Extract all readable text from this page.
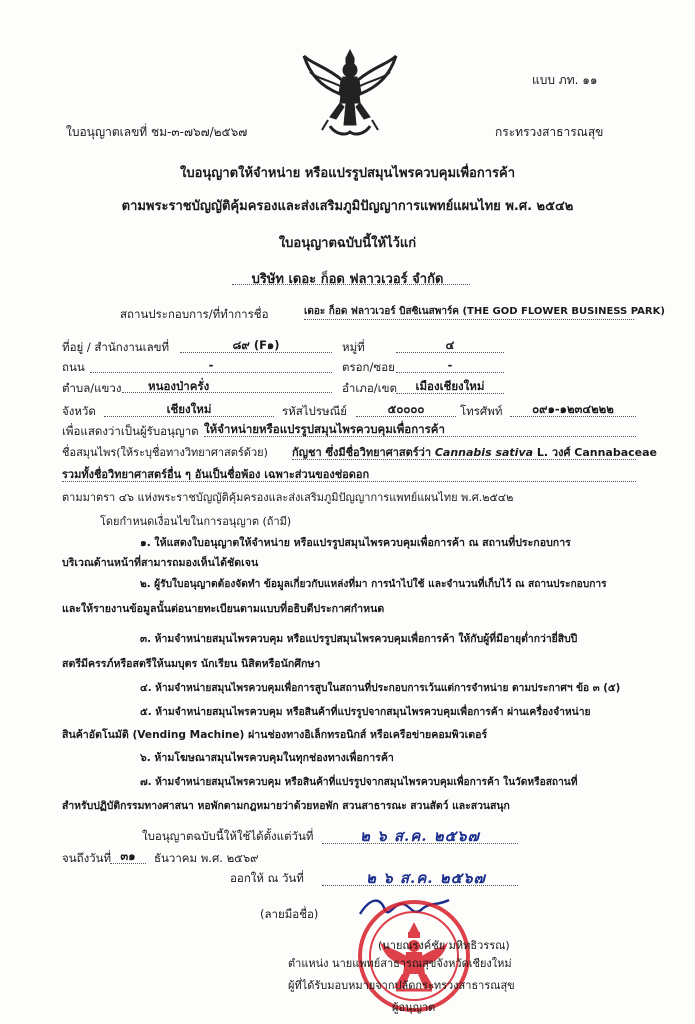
แบบ ภท. ๑๑
ใบอนุญาตเลขที่ ชม-๓-๗๖๗/๒๕๖๗	กระทรวงสาธารณสุข
ใบอนุญาตให้จำหน่าย หรือแปรรูปสมุนไพรควบคุมเพื่อการค้า
ตามพระราชบัญญัติคุ้มครองและส่งเสริมภูมิปัญญาการแพทย์แผนไทย พ.ศ. ๒๕๔๒
ใบอนุญาตฉบับนี้ให้ไว้แก่
บริษัท เดอะ ก็อด ฟลาวเวอร์ จำกัด
สถานประกอบการ/ที่ทำการชื่อ	เดอะ ก็อด ฟลาวเวอร์ บิสซิเนสพาร์ค (THE GOD FLOWER BUSINESS PARK)
ที่อยู่ / สำนักงานเลขที่	๘๙ (F๑)	หมู่ที่	๔
ถนน	-	ตรอก/ซอย	-
ตำบล/แขวง	หนองป่าครั่ง	อำเภอ/เขต	เมืองเชียงใหม่
จังหวัด	เชียงใหม่	รหัสไปรษณีย์	๕๐๐๐๐	โทรศัพท์	๐๙๑-๑๒๓๔๒๒๒
เพื่อแสดงว่าเป็นผู้รับอนุญาต ให้จำหน่ายหรือแปรรูปสมุนไพรควบคุมเพื่อการค้า
ชื่อสมุนไพร(ให้ระบุชื่อทางวิทยาศาสตร์ด้วย) กัญชา ซึ่งมีชื่อวิทยาศาสตร์ว่า Cannabis sativa L. วงศ์ Cannabaceae
รวมทั้งชื่อวิทยาศาสตร์อื่น ๆ อันเป็นชื่อพ้อง เฉพาะส่วนของช่อดอก
ตามมาตรา ๔๖ แห่งพระราชบัญญัติคุ้มครองและส่งเสริมภูมิปัญญาการแพทย์แผนไทย พ.ศ.๒๕๔๒
โดยกำหนดเงื่อนไขในการอนุญาต (ถ้ามี)
๑. ให้แสดงใบอนุญาตให้จำหน่าย หรือแปรรูปสมุนไพรควบคุมเพื่อการค้า ณ สถานที่ประกอบการ
บริเวณด้านหน้าที่สามารถมองเห็นได้ชัดเจน
๒. ผู้รับใบอนุญาตต้องจัดทำ ข้อมูลเกี่ยวกับแหล่งที่มา การนำไปใช้ และจำนวนที่เก็บไว้ ณ สถานประกอบการ
และให้รายงานข้อมูลนั้นต่อนายทะเบียนตามแบบที่อธิบดีประกาศกำหนด
๓. ห้ามจำหน่ายสมุนไพรควบคุม หรือแปรรูปสมุนไพรควบคุมเพื่อการค้า ให้กับผู้ที่มีอายุต่ำกว่ายี่สิบปี
สตรีมีครรภ์หรือสตรีให้นมบุตร นักเรียน นิสิตหรือนักศึกษา
๔. ห้ามจำหน่ายสมุนไพรควบคุมเพื่อการสูบในสถานที่ประกอบการเว้นแต่การจำหน่าย ตามประกาศฯ ข้อ ๓ (๕)
๕. ห้ามจำหน่ายสมุนไพรควบคุม หรือสินค้าที่แปรรูปจากสมุนไพรควบคุมเพื่อการค้า ผ่านเครื่องจำหน่าย
สินค้าอัตโนมัติ (Vending Machine) ผ่านช่องทางอิเล็กทรอนิกส์ หรือเครือข่ายคอมพิวเตอร์
๖. ห้ามโฆษณาสมุนไพรควบคุมในทุกช่องทางเพื่อการค้า
๗. ห้ามจำหน่ายสมุนไพรควบคุม หรือสินค้าที่แปรรูปจากสมุนไพรควบคุมเพื่อการค้า ในวัดหรือสถานที่
สำหรับปฏิบัติกรรมทางศาสนา หอพักตามกฎหมายว่าด้วยหอพัก สวนสาธารณะ สวนสัตว์ และสวนสนุก
ใบอนุญาตฉบับนี้ให้ใช้ได้ตั้งแต่วันที่	๒ ๖ ส.ค. ๒๕๖๗
จนถึงวันที่ ๓๑	ธันวาคม พ.ศ. ๒๕๖๙
ออกให้ ณ วันที่	๒ ๖ ส.ค. ๒๕๖๗
(ลายมือชื่อ)
(นายณรงค์ชัย มหิทธิวรรณ)
ตำแหน่ง นายแพทย์สาธารณสุขจังหวัดเชียงใหม่
ผู้ที่ได้รับมอบหมายจากปลัดกระทรวงสาธารณสุข
ผู้อนุญาต
